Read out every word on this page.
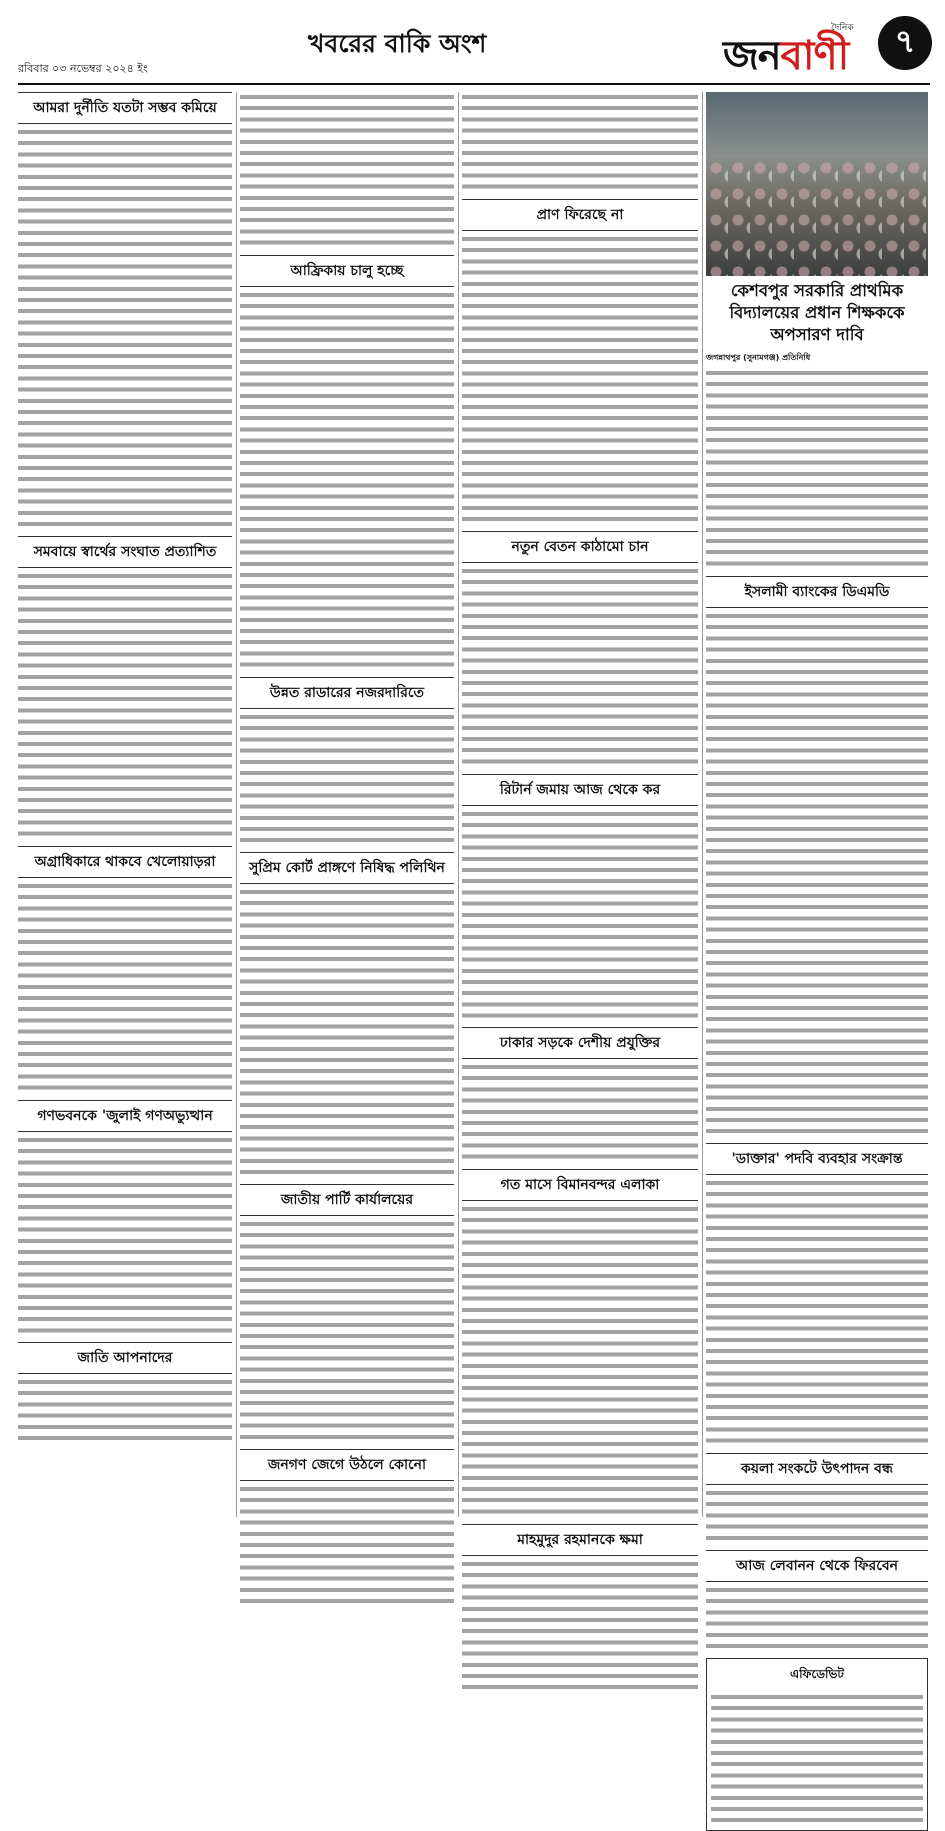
রবিবার ০৩ নভেম্বর ২০২৪ ইং
খবরের বাকি অংশ
দৈনিক
জনবাণী	৭
আমরা দুর্নীতি যতটা সম্ভব কমিয়ে
সমবায়ে স্বার্থের সংঘাত প্রত্যাশিত
অগ্রাধিকারে থাকবে খেলোয়াড়রা
গণভবনকে 'জুলাই গণঅভ্যুত্থান
জাতি আপনাদের
আফ্রিকায় চালু হচ্ছে
উন্নত রাডারের নজরদারিতে
সুপ্রিম কোর্ট প্রাঙ্গণে নিষিদ্ধ পলিথিন
জাতীয় পার্টি কার্যালয়ের
জনগণ জেগে উঠলে কোনো
প্রাণ ফিরেছে না
নতুন বেতন কাঠামো চান
রিটার্ন জমায় আজ থেকে কর
ঢাকার সড়কে দেশীয় প্রযুক্তির
গত মাসে বিমানবন্দর এলাকা
মাহমুদুর রহমানকে ক্ষমা
কেশবপুর সরকারি প্রাথমিক বিদ্যালয়ের প্রধান শিক্ষককে অপসারণ দাবি
জগন্নাথপুর (সুনামগঞ্জ) প্রতিনিধি
ইসলামী ব্যাংকের ডিএমডি
'ডাক্তার' পদবি ব্যবহার সংক্রান্ত
কয়লা সংকটে উৎপাদন বন্ধ
আজ লেবানন থেকে ফিরবেন
এফিডেভিট
